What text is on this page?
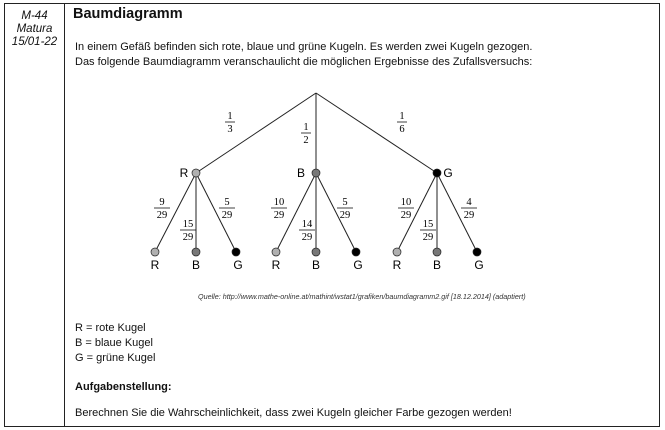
M-44
Matura
15/01-22
Baumdiagramm
In einem Gefäß befinden sich rote, blaue und grüne Kugeln. Es werden zwei Kugeln gezogen.
Das folgende Baumdiagramm veranschaulicht die möglichen Ergebnisse des Zufallsversuchs:
R
1
3
B
1
2
G
1
6
R
9
29
B
15
29
G
5
29
R
10
29
B
14
29
G
5
29
R
10
29
B
15
29
G
4
29
Quelle: http://www.mathe-online.at/mathint/wstat1/grafiken/baumdiagramm2.gif [18.12.2014] (adaptiert)
R = rote Kugel
B = blaue Kugel
G = grüne Kugel
Aufgabenstellung:
Berechnen Sie die Wahrscheinlichkeit, dass zwei Kugeln gleicher Farbe gezogen werden!
